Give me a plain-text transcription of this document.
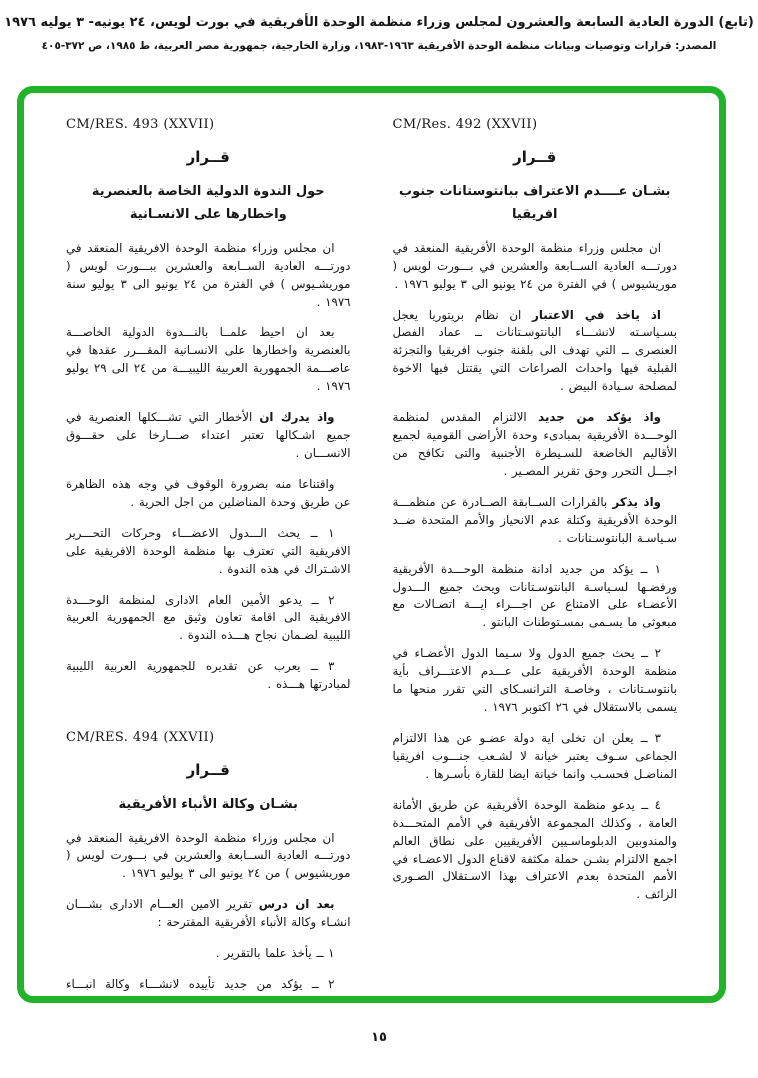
(تابع) الدورة العادية السابعة والعشرون لمجلس وزراء منظمة الوحدة الأفريقية في بورت لويس، ٢٤ يونيه- ٣ يوليه ١٩٧٦
المصدر: قرارات وتوصيات وبيانات منظمة الوحدة الأفريقية ١٩٦٣-١٩٨٣، وزارة الخارجية، جمهورية مصر العربية، ط ١٩٨٥، ص ٣٧٢-٤٠٥
CM/Res. 492 (XXVII)
قــرار
بشـان عــــدم الاعتراف ببانتوستانات جنوب افريقيا

ان مجلس وزراء منظمة الوحدة الأفريقية المنعقد في دورتـــه العادية الســابعة والعشرين في بـــورت لويس ( موريشيوس ) في الفترة من ٢٤ يونيو الى ٣ يوليو ١٩٧٦ .

اذ ياخذ في الاعتبار ان نظام بريتوريا يعجل بسـياسـته لانشـــاء البانتوسـتانات ــ عماد الفصل العنصرى ــ التي تهدف الى بلقنة جنوب افريقيا والتجزئة القبلية فيها واحداث الصراعات التي يقتتل فيها الاخوة لمصلحة سـيادة البيض .

واذ يؤكد من جديد الالتزام المقدس لمنظمة الوحـــدة الأفريقية بمبادىء وحدة الأراضى القومية لجميع الأقاليم الخاضعة للسـيطرة الأجنبية والتى تكافح من اجـــل التحرر وحق تقرير المصـير .

واذ يذكر بالقرارات الســابقة الصــادرة عن منظمـــة الوحدة الأفريقية وكتلة عدم الانحياز والأمم المتحدة ضــد سـياسـة البانتوسـتانات .

١ ــ يؤكد من جديد ادانة منظمة الوحـــدة الأفريقية ورفضـها لسـياسـة البانتوسـتانات ويحث جميع الـــدول الأعضـاء على الامتناع عن اجـــراء ايـــة اتصـالات مع مبعوثى ما يسـمى بمسـتوطنات البانتو .

٢ ــ يحث جميع الدول ولا سـيما الدول الأعضـاء في منظمة الوحدة الأفريقية على عـــدم الاعتـــراف بأية بانتوسـتانات ، وخاصـة الترانسـكاى التي تقرر منحها ما يسمى بالاستقلال في ٢٦ اكتوبر ١٩٧٦ .

٣ ــ يعلن ان تخلى اية دولة عضـو عن هذا الالتزام الجماعى سـوف يعتبر خيانة لا لشـعب جنـــوب افريقيا المناضـل فحسـب وانما خيانة ايضا للقارة بأسـرها .

٤ ــ يدعو منظمة الوحدة الأفريقية عن طريق الأمانة العامة ، وكذلك المجموعة الأفريقية في الأمم المتحـــدة والمندوبين الدبلوماسـيين الأفريقيين على نطاق العالم اجمع الالتزام بشـن حملة مكثفة لاقناع الدول الاعضـاء في الأمم المتحدة بعدم الاعتراف بهذا الاسـتقلال الصـورى الزائف .

CM/RES. 493 (XXVII)
قــرار
حول الندوة الدولية الخاصة بالعنصرية
واخطارها على الانسـانية

ان مجلس وزراء منظمة الوحدة الافريقية المنعقد في دورتـــه العادية الســابعة والعشرين ببـــورت لويس ( موريشـيوس ) في الفترة من ٢٤ يونيو الى ٣ يوليو سنة ١٩٧٦ .

بعد ان احيط علمــا بالنـــدوة الدولية الخاصـــة بالعنصرية واخطارها على الانسـانية المقـــرر عقدها في عاصـــمة الجمهورية العربية الليبيـــة من ٢٤ الى ٢٩ يوليو ١٩٧٦ .

واذ يدرك ان الأخطار التي تشـــكلها العنصرية في جميع اشـكالها تعتبر اعتداء صـــارخا على حقـــوق الانســـان .

واقتناعا منه بضرورة الوقوف في وجه هذه الظاهرة عن طريق وحدة المناضلين من اجل الحرية .

١ ــ يحث الـــدول الاعضـــاء وحركات التحـــرير الافريقية التي تعترف بها منظمة الوحدة الافريقية على الاشـتراك في هذه الندوة .

٢ ــ يدعو الأمين العام الادارى لمنظمة الوحـــدة الافريقية الى اقامة تعاون وثيق مع الجمهورية العربية الليبية لضـمان نجاح هـــذه الندوة .

٣ ــ يعرب عن تقديره للجمهورية العربية الليبية لمبادرتها هـــذه .

CM/RES. 494 (XXVII)
قــرار
بشـان وكالة الأنباء الأفريقية

ان مجلس وزراء منظمة الوحدة الافريقية المنعقد في دورتـــه العادية الســابعة والعشرين في بـــورت لويس ( موريشيوس ) من ٢٤ يونيو الى ٣ يوليو ١٩٧٦ .

بعد ان درس تقرير الامين العـــام الادارى بشـــان انشـاء وكالة الأنباء الأفريقية المقترحة :

١ ــ يأخذ علما بالتقرير .

٢ ــ يؤكد من جديد تأييده لانشـــاء وكالة انبـــاء افريقية .

١٥
